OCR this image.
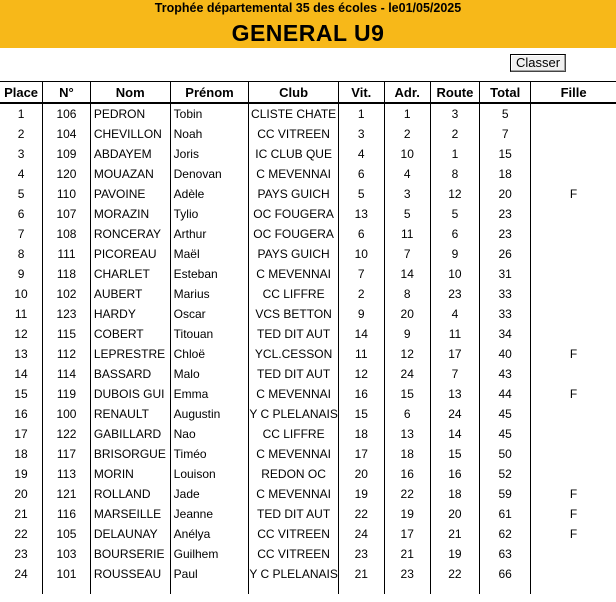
Trophée départemental 35 des écoles - le01/05/2025
GENERAL U9
Classer
Place	N°	Nom	Prénom	Club	Vit.	Adr.	Route	Total	Fille
1	106	PEDRON	Tobin	CLISTE CHATE	1	1	3	5	
2	104	CHEVILLON	Noah	CC VITREEN	3	2	2	7	
3	109	ABDAYEM	Joris	IC CLUB QUE	4	10	1	15	
4	120	MOUAZAN	Denovan	C MEVENNAI	6	4	8	18	
5	110	PAVOINE	Adèle	PAYS GUICH	5	3	12	20	F
6	107	MORAZIN	Tylio	OC FOUGERA	13	5	5	23	
7	108	RONCERAY	Arthur	OC FOUGERA	6	11	6	23	
8	111	PICOREAU	Maël	PAYS GUICH	10	7	9	26	
9	118	CHARLET	Esteban	C MEVENNAI	7	14	10	31	
10	102	AUBERT	Marius	CC LIFFRE	2	8	23	33	
11	123	HARDY	Oscar	VCS BETTON	9	20	4	33	
12	115	COBERT	Titouan	TED DIT AUT	14	9	11	34	
13	112	LEPRESTRE	Chloë	YCL.CESSON	11	12	17	40	F
14	114	BASSARD	Malo	TED DIT AUT	12	24	7	43	
15	119	DUBOIS GUI	Emma	C MEVENNAI	16	15	13	44	F
16	100	RENAULT	Augustin	Y C PLELANAIS	15	6	24	45	
17	122	GABILLARD	Nao	CC LIFFRE	18	13	14	45	
18	117	BRISORGUE	Timéo	C MEVENNAI	17	18	15	50	
19	113	MORIN	Louison	REDON OC	20	16	16	52	
20	121	ROLLAND	Jade	C MEVENNAI	19	22	18	59	F
21	116	MARSEILLE	Jeanne	TED DIT AUT	22	19	20	61	F
22	105	DELAUNAY	Anélya	CC VITREEN	24	17	21	62	F
23	103	BOURSERIE	Guilhem	CC VITREEN	23	21	19	63	
24	101	ROUSSEAU	Paul	Y C PLELANAIS	21	23	22	66	
